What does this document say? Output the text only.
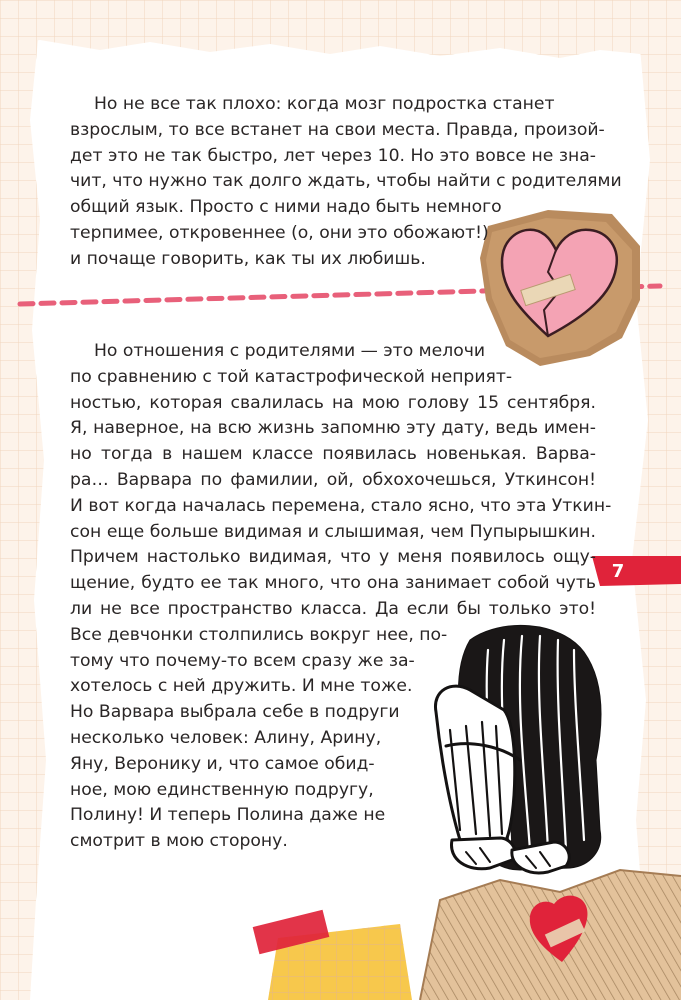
Но не все так плохо: когда мозг подростка станет
взрослым, то все встанет на свои места. Правда, произой-
дет это не так быстро, лет через 10. Но это вовсе не зна-
чит, что нужно так долго ждать, чтобы найти с родителями
общий язык. Просто с ними надо быть немного
терпимее, откровеннее (о, они это обожают!)
и почаще говорить, как ты их любишь.
Но отношения с родителями — это мелочи
по сравнению с той катастрофической неприят-
ностью, которая свалилась на мою голову 15 сентября.
Я, наверное, на всю жизнь запомню эту дату, ведь имен-
но тогда в нашем классе появилась новенькая. Варва-
ра… Варвара по фамилии, ой, обхохочешься, Уткинсон!
И вот когда началась перемена, стало ясно, что эта Уткин-
сон еще больше видимая и слышимая, чем Пупырышкин.
Причем настолько видимая, что у меня появилось ощу-
щение, будто ее так много, что она занимает собой чуть
ли не все пространство класса. Да если бы только это!
Все девчонки столпились вокруг нее, по-
тому что почему-то всем сразу же за-
хотелось с ней дружить. И мне тоже.
Но Варвара выбрала себе в подруги
несколько человек: Алину, Арину,
Яну, Веронику и, что самое обид-
ное, мою единственную подругу,
Полину! И теперь Полина даже не
смотрит в мою сторону.
7
